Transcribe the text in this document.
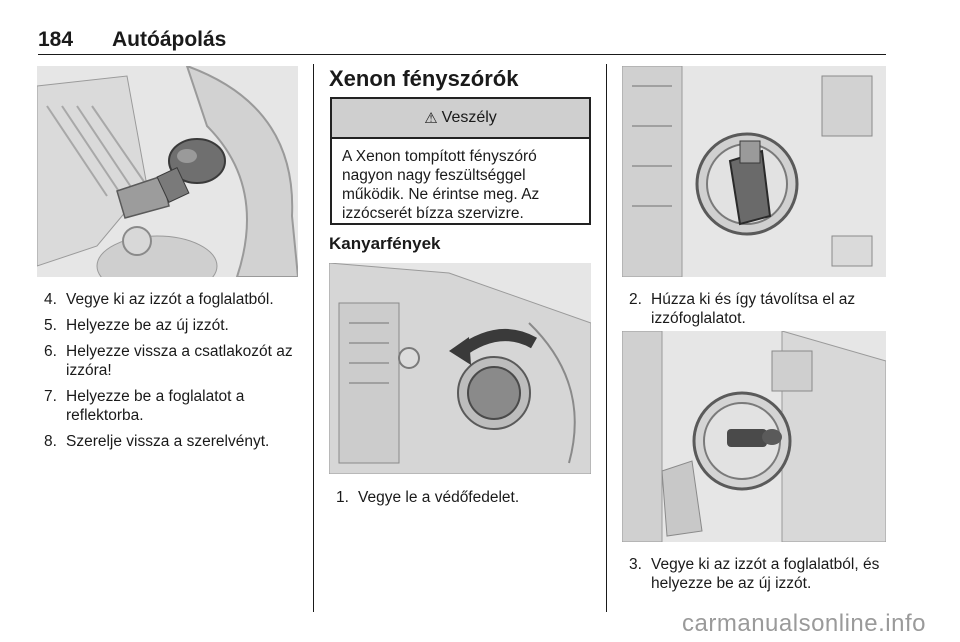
184 Autóápolás
4. Vegye ki az izzót a foglalatból.
5. Helyezze be az új izzót.
6. Helyezze vissza a csatlakozót az izzóra!
7. Helyezze be a foglalatot a reflektorba.
8. Szerelje vissza a szerelvényt.
Xenon fényszórók
⚠ Veszély
A Xenon tompított fényszóró nagyon nagy feszültséggel működik. Ne érintse meg. Az izzócserét bízza szervizre.
Kanyarfények
1. Vegye le a védőfedelet.
2. Húzza ki és így távolítsa el az izzófoglalatot.
3. Vegye ki az izzót a foglalatból, és helyezze be az új izzót.
carmanualsonline.info
